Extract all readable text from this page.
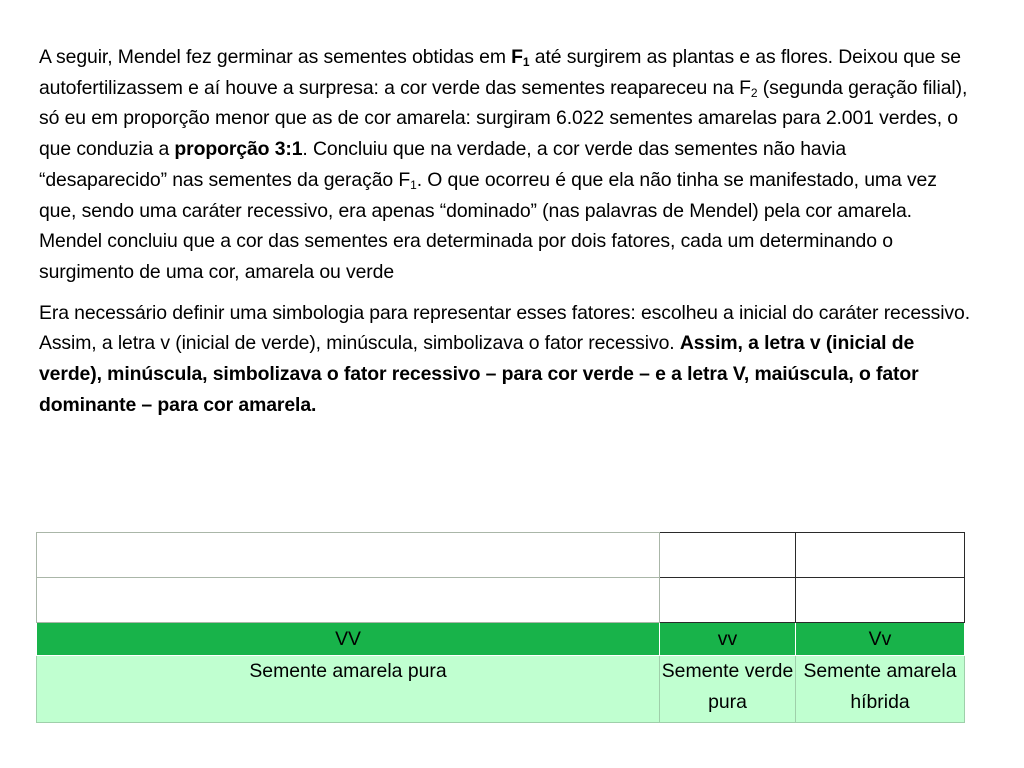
A seguir, Mendel fez germinar as sementes obtidas em $F_1$ até surgirem as plantas e as flores. Deixou que se autofertilizassem e aí houve a surpresa: a cor verde das sementes reapareceu na $F_2$ (segunda geração filial), só eu em proporção menor que as de cor amarela: surgiram 6.022 sementes amarelas para 2.001 verdes, o que conduzia a proporção 3:1. Concluiu que na verdade, a cor verde das sementes não havia “desaparecido” nas sementes da geração $F_1$. O que ocorreu é que ela não tinha se manifestado, uma vez que, sendo uma caráter recessivo, era apenas “dominado” (nas palavras de Mendel) pela cor amarela. Mendel concluiu que a cor das sementes era determinada por dois fatores, cada um determinando o surgimento de uma cor, amarela ou verde

Era necessário definir uma simbologia para representar esses fatores: escolheu a inicial do caráter recessivo. Assim, a letra v (inicial de verde), minúscula, simbolizava o fator recessivo. Assim, a letra v (inicial de verde), minúscula, simbolizava o fator recessivo – para cor verde – e a letra V, maiúscula, o fator dominante – para cor amarela.

VV	vv	Vv
Semente amarela pura	Semente verde pura	Semente amarela híbrida
